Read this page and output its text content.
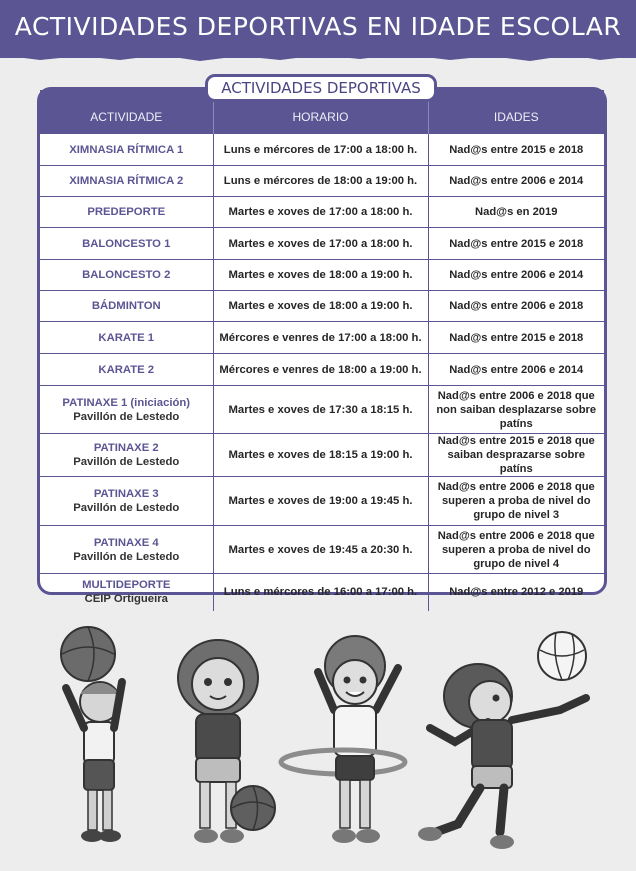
ACTIVIDADES DEPORTIVAS EN IDADE ESCOLAR
ACTIVIDADES DEPORTIVAS
ACTIVIDADE	HORARIO	IDADES
XIMNASIA RÍTMICA 1	Luns e mércores de 17:00 a 18:00 h.	Nad@s entre 2015 e 2018
XIMNASIA RÍTMICA 2	Luns e mércores de 18:00 a 19:00 h.	Nad@s entre 2006 e 2014
PREDEPORTE	Martes e xoves de 17:00 a 18:00 h.	Nad@s en 2019
BALONCESTO 1	Martes e xoves de 17:00 a 18:00 h.	Nad@s entre 2015 e 2018
BALONCESTO 2	Martes e xoves de 18:00 a 19:00 h.	Nad@s entre 2006 e 2014
BÁDMINTON	Martes e xoves de 18:00 a 19:00 h.	Nad@s entre 2006 e 2018
KARATE 1	Mércores e venres de 17:00 a 18:00 h.	Nad@s entre 2015 e 2018
KARATE 2	Mércores e venres de 18:00 a 19:00 h.	Nad@s entre 2006 e 2014
PATINAXE 1 (iniciación)
Pavillón de Lestedo	Martes e xoves de 17:30 a 18:15 h.	Nad@s entre 2006 e 2018 que non saiban desplazarse sobre patíns
PATINAXE 2
Pavillón de Lestedo	Martes e xoves de 18:15 a 19:00 h.	Nad@s entre 2015 e 2018 que saiban desprazarse sobre patíns
PATINAXE 3
Pavillón de Lestedo	Martes e xoves de 19:00 a 19:45 h.	Nad@s entre 2006 e 2018 que superen a proba de nivel do grupo de nivel 3
PATINAXE 4
Pavillón de Lestedo	Martes e xoves de 19:45 a 20:30 h.	Nad@s entre 2006 e 2018 que superen a proba de nivel do grupo de nivel 4
MULTIDEPORTE
CEIP Ortigueira	Luns e mércores de 16:00 a 17:00 h.	Nad@s entre 2012 e 2019
